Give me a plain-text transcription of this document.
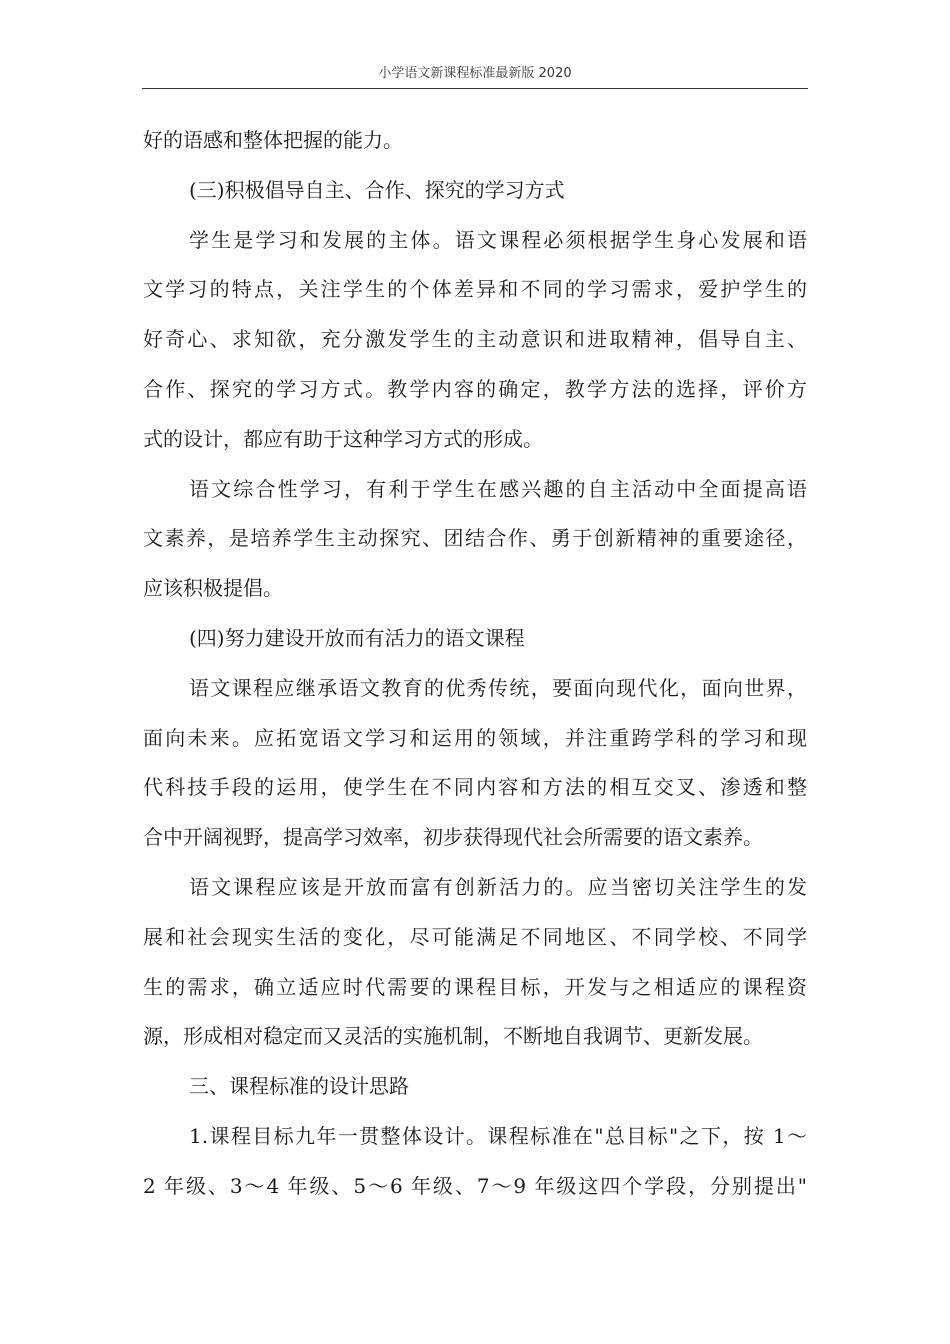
小学语文新课程标准最新版 2020
好的语感和整体把握的能力。
(三)积极倡导自主、合作、探究的学习方式
学生是学习和发展的主体。语文课程必须根据学生身心发展和语
文学习的特点，关注学生的个体差异和不同的学习需求，爱护学生的
好奇心、求知欲，充分激发学生的主动意识和进取精神，倡导自主、
合作、探究的学习方式。教学内容的确定，教学方法的选择，评价方
式的设计，都应有助于这种学习方式的形成。
语文综合性学习，有利于学生在感兴趣的自主活动中全面提高语
文素养，是培养学生主动探究、团结合作、勇于创新精神的重要途径，
应该积极提倡。
(四)努力建设开放而有活力的语文课程
语文课程应继承语文教育的优秀传统，要面向现代化，面向世界，
面向未来。应拓宽语文学习和运用的领域，并注重跨学科的学习和现
代科技手段的运用，使学生在不同内容和方法的相互交叉、渗透和整
合中开阔视野，提高学习效率，初步获得现代社会所需要的语文素养。
语文课程应该是开放而富有创新活力的。应当密切关注学生的发
展和社会现实生活的变化，尽可能满足不同地区、不同学校、不同学
生的需求，确立适应时代需要的课程目标，开发与之相适应的课程资
源，形成相对稳定而又灵活的实施机制，不断地自我调节、更新发展。
三、课程标准的设计思路
1.课程目标九年一贯整体设计。课程标准在"总目标"之下，按 1～
2 年级、3～4 年级、5～6 年级、7～9 年级这四个学段，分别提出"
